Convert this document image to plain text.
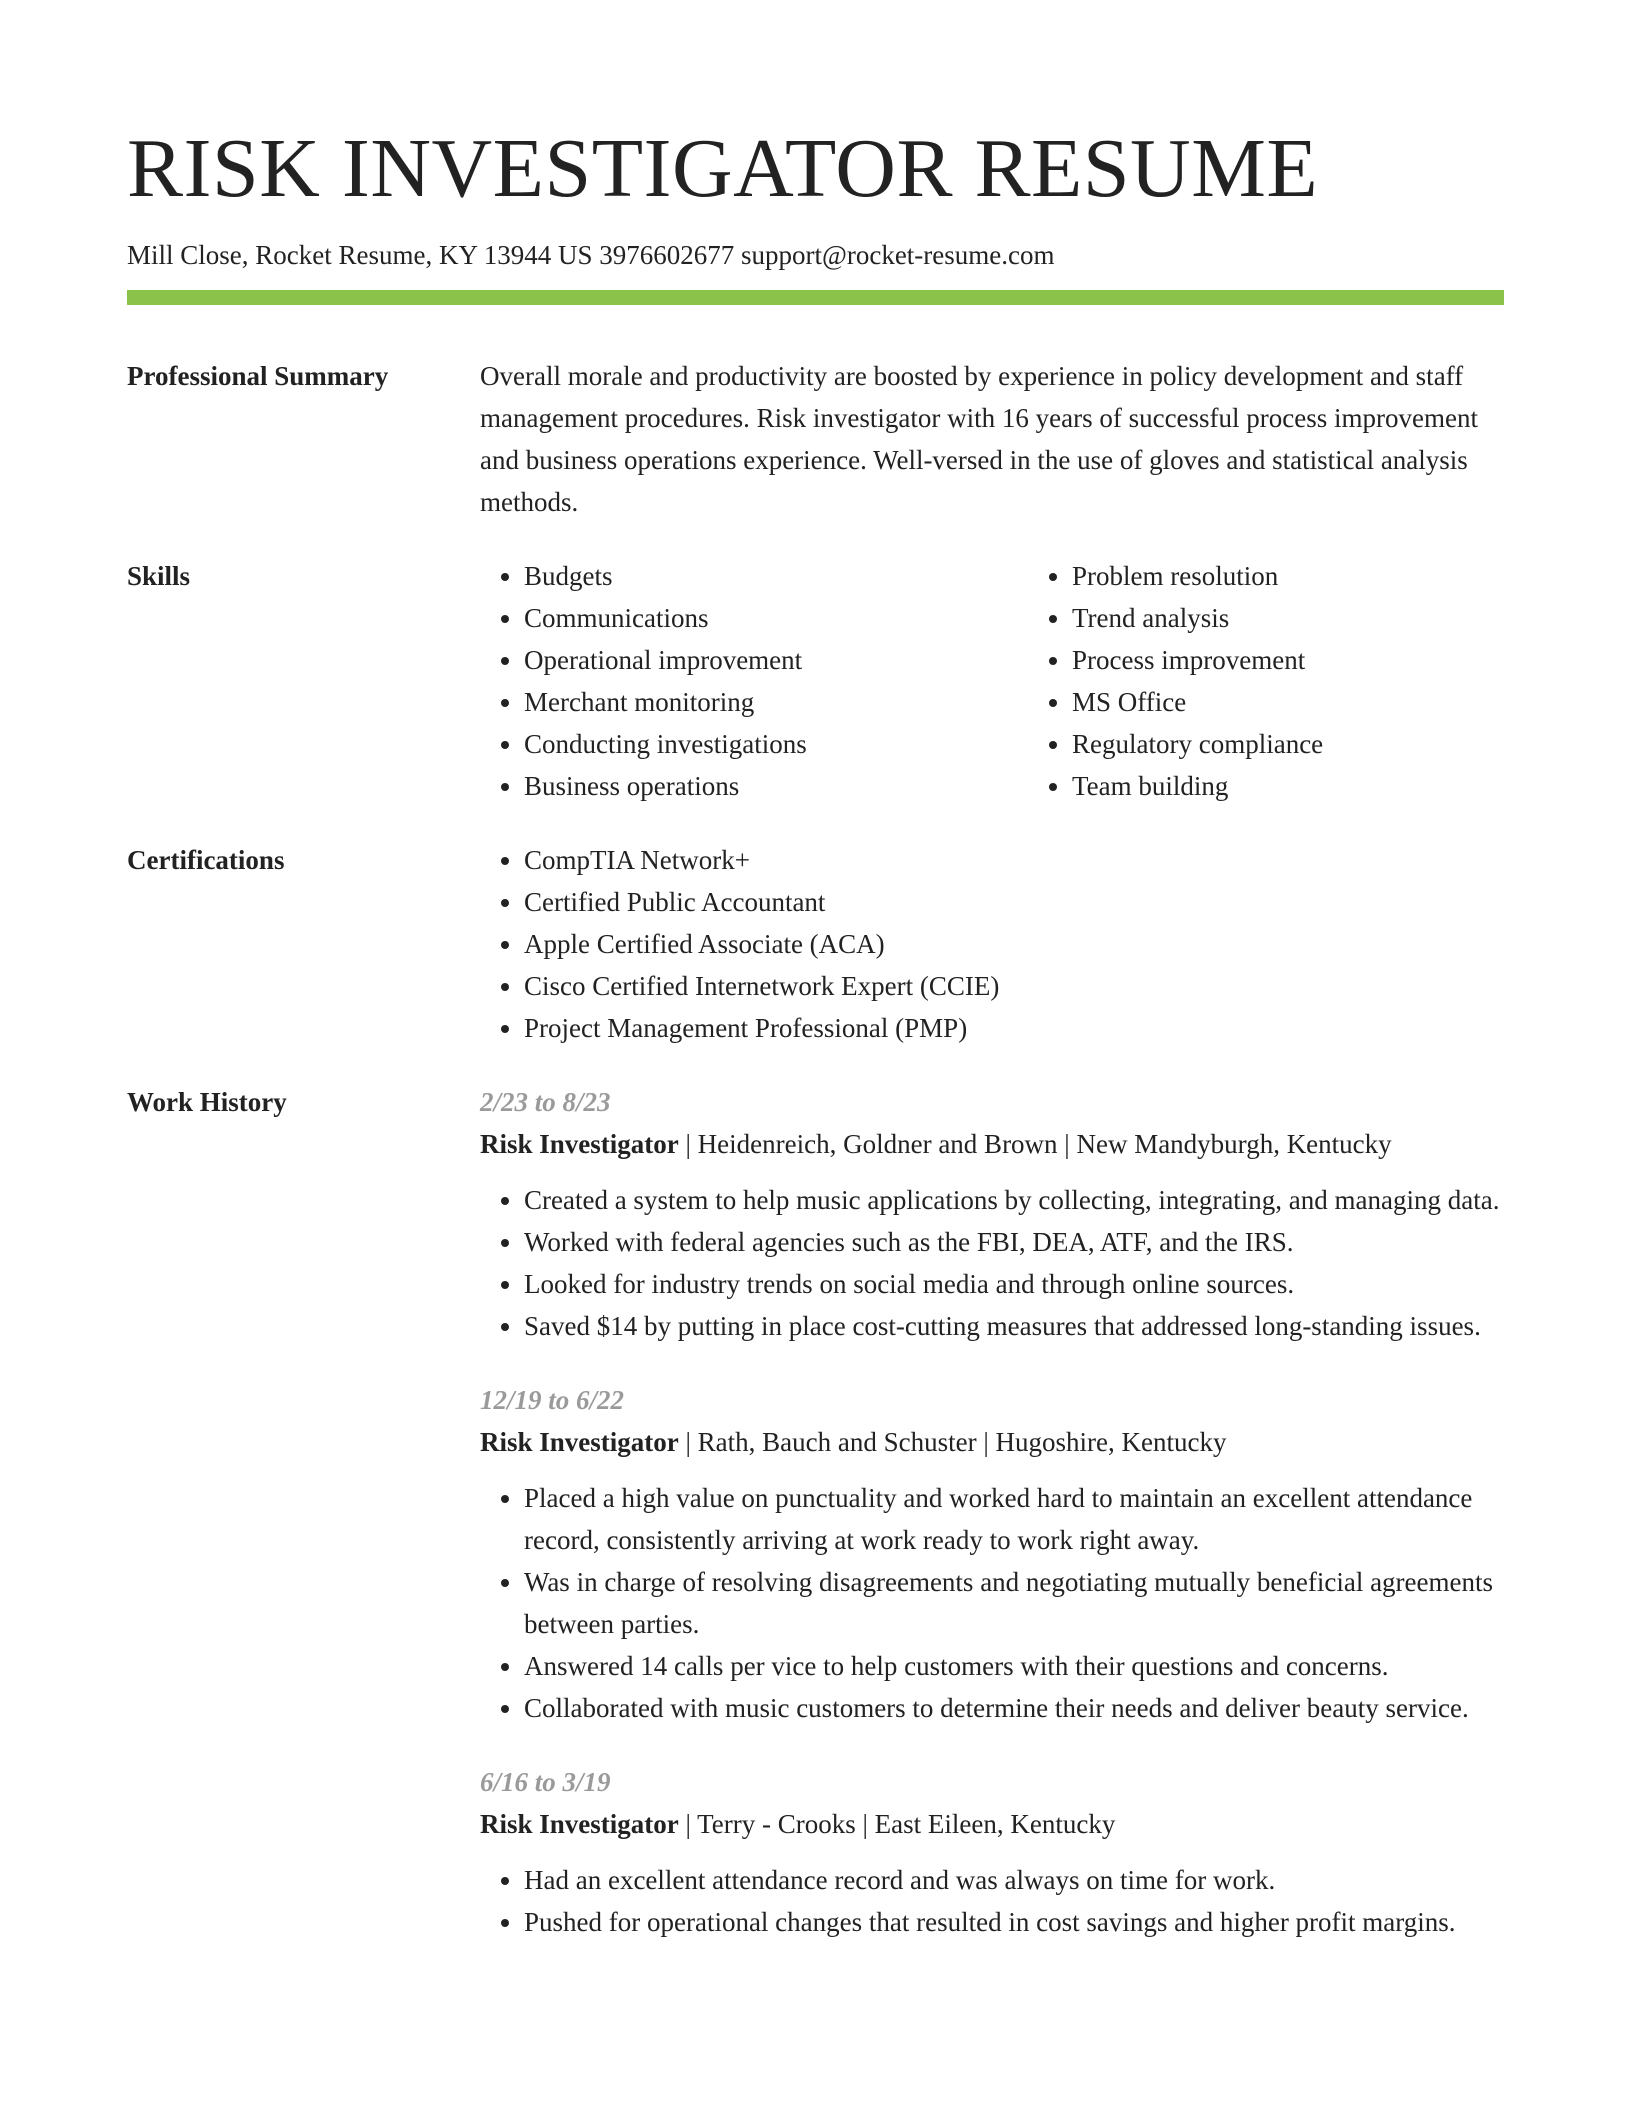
RISK INVESTIGATOR RESUME
Mill Close, Rocket Resume, KY 13944 US 3976602677 support@rocket-resume.com
Professional Summary	Overall morale and productivity are boosted by experience in policy development and staff management procedures. Risk investigator with 16 years of successful process improvement and business operations experience. Well-versed in the use of gloves and statistical analysis methods.
Skills	• Budgets
• Communications
• Operational improvement
• Merchant monitoring
• Conducting investigations
• Business operations
• Problem resolution
• Trend analysis
• Process improvement
• MS Office
• Regulatory compliance
• Team building
Certifications	• CompTIA Network+
• Certified Public Accountant
• Apple Certified Associate (ACA)
• Cisco Certified Internetwork Expert (CCIE)
• Project Management Professional (PMP)
Work History	2/23 to 8/23
Risk Investigator | Heidenreich, Goldner and Brown | New Mandyburgh, Kentucky
• Created a system to help music applications by collecting, integrating, and managing data.
• Worked with federal agencies such as the FBI, DEA, ATF, and the IRS.
• Looked for industry trends on social media and through online sources.
• Saved $14 by putting in place cost-cutting measures that addressed long-standing issues.
12/19 to 6/22
Risk Investigator | Rath, Bauch and Schuster | Hugoshire, Kentucky
• Placed a high value on punctuality and worked hard to maintain an excellent attendance record, consistently arriving at work ready to work right away.
• Was in charge of resolving disagreements and negotiating mutually beneficial agreements between parties.
• Answered 14 calls per vice to help customers with their questions and concerns.
• Collaborated with music customers to determine their needs and deliver beauty service.
6/16 to 3/19
Risk Investigator | Terry - Crooks | East Eileen, Kentucky
• Had an excellent attendance record and was always on time for work.
• Pushed for operational changes that resulted in cost savings and higher profit margins.
